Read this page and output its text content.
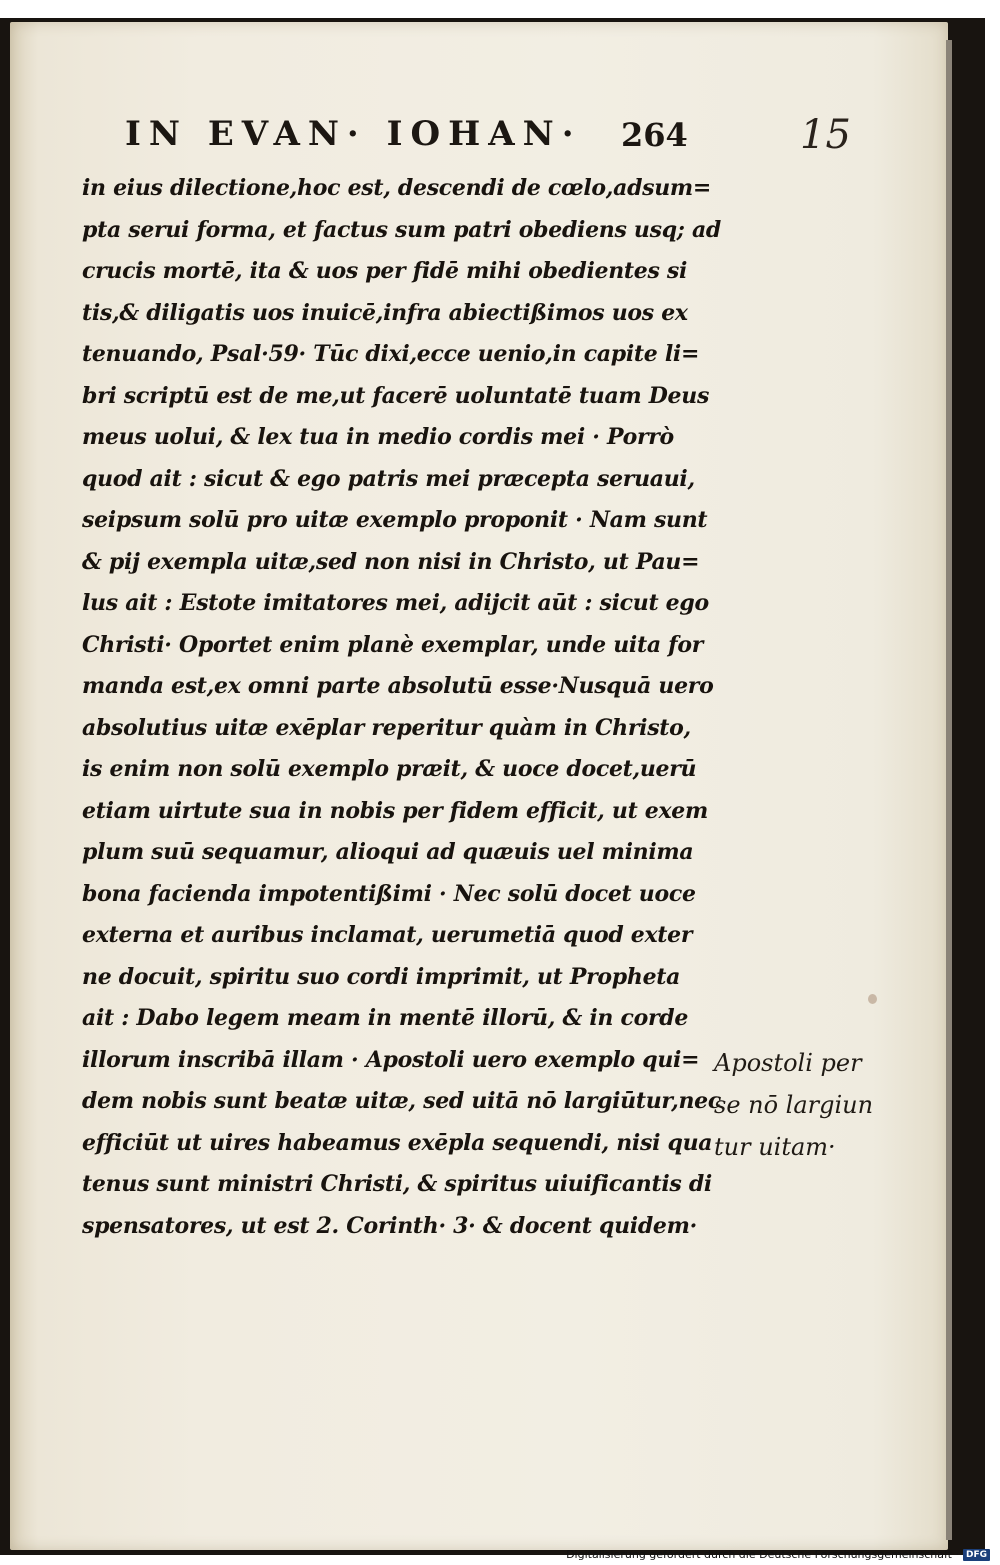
IN EVAN· IOHAN· 264	15
in eius dilectione,hoc est, descendi de cœlo,adsum=
pta serui forma, et factus sum patri obediens usq; ad
crucis mortē, ita & uos per fidē mihi obedientes si
tis,& diligatis uos inuicē,infra abiectißimos uos ex
tenuando, Psal·59· Tūc dixi,ecce uenio,in capite li=
bri scriptū est de me,ut facerē uoluntatē tuam Deus
meus uolui, & lex tua in medio cordis mei · Porrò
quod ait : sicut & ego patris mei præcepta seruaui,
seipsum solū pro uitæ exemplo proponit · Nam sunt
& pij exempla uitæ,sed non nisi in Christo, ut Pau=
lus ait : Estote imitatores mei, adijcit aūt : sicut ego
Christi· Oportet enim planè exemplar, unde uita for
manda est,ex omni parte absolutū esse·Nusquā uero
absolutius uitæ exēplar reperitur quàm in Christo,
is enim non solū exemplo præit, & uoce docet,uerū
etiam uirtute sua in nobis per fidem efficit, ut exem
plum suū sequamur, alioqui ad quæuis uel minima
bona facienda impotentißimi · Nec solū docet uoce
externa et auribus inclamat, uerumetiā quod exter
ne docuit, spiritu suo cordi imprimit, ut Propheta
ait : Dabo legem meam in mentē illorū, & in corde
illorum inscribā illam · Apostoli uero exemplo qui=
dem nobis sunt beatæ uitæ, sed uitā nō largiūtur,nec
efficiūt ut uires habeamus exēpla sequendi, nisi qua
tenus sunt ministri Christi, & spiritus uiuificantis di
spensatores, ut est 2. Corinth· 3· & docent quidem·
Apostoli per
se nō largiun
tur uitam·
Digitalisierung gefördert durch die Deutsche Forschungsgemeinschaft · DFG
